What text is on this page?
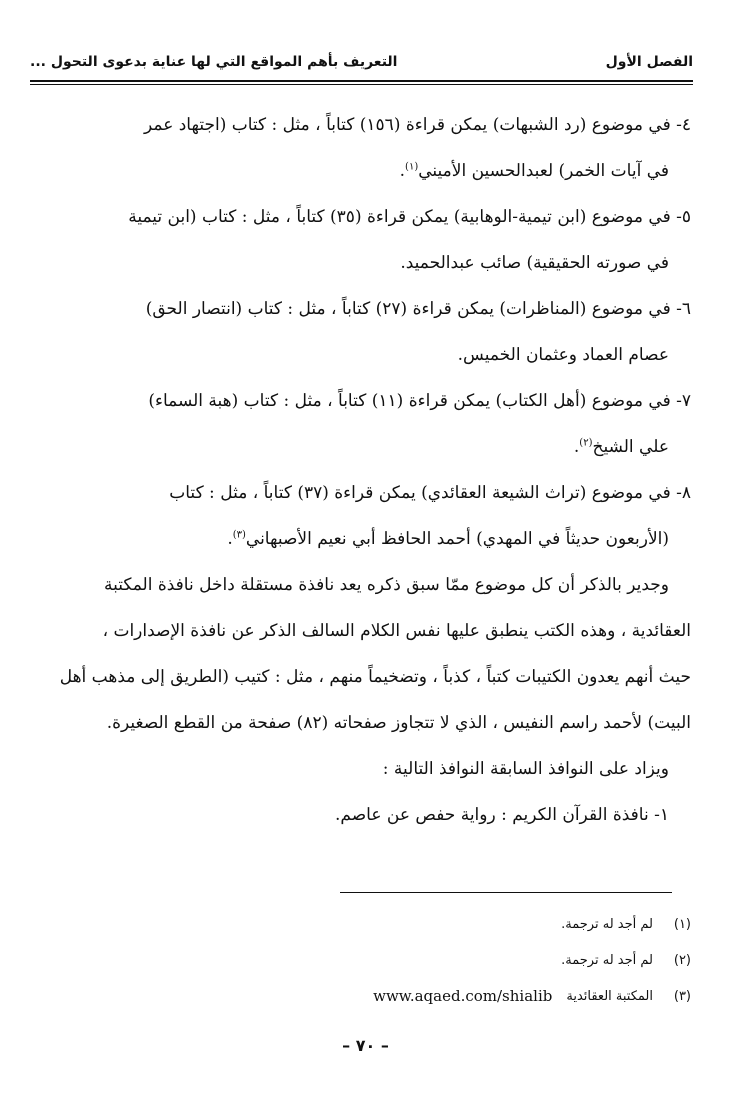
التعريف بأهم المواقع التي لها عناية بدعوى التحول ...	الفصل الأول

٤- في موضوع (رد الشبهات) يمكن قراءة (١٥٦) كتاباً ، مثل : كتاب (اجتهاد عمر

في آيات الخمر) لعبدالحسين الأميني$^{(١)}$.

٥- في موضوع (ابن تيمية-الوهابية) يمكن قراءة (٣٥) كتاباً ، مثل : كتاب (ابن تيمية

في صورته الحقيقية) صائب عبدالحميد.

٦- في موضوع (المناظرات) يمكن قراءة (٢٧) كتاباً ، مثل : كتاب (انتصار الحق)

عصام العماد وعثمان الخميس.

٧- في موضوع (أهل الكتاب) يمكن قراءة (١١) كتاباً ، مثل : كتاب (هبة السماء)

علي الشيخ$^{(٢)}$.

٨- في موضوع (تراث الشيعة العقائدي) يمكن قراءة (٣٧) كتاباً ، مثل : كتاب

(الأربعون حديثاً في المهدي) أحمد الحافظ أبي نعيم الأصبهاني$^{(٣)}$.

وجدير بالذكر أن كل موضوع ممّا سبق ذكره يعد نافذة مستقلة داخل نافذة المكتبة

العقائدية ، وهذه الكتب ينطبق عليها نفس الكلام السالف الذكر عن نافذة الإصدارات ،

حيث أنهم يعدون الكتيبات كتباً ، كذباً ، وتضخيماً منهم ، مثل : كتيب (الطريق إلى مذهب أهل

البيت) لأحمد راسم النفيس ، الذي لا تتجاوز صفحاته (٨٢) صفحة من القطع الصغيرة.

ويزاد على النوافذ السابقة النوافذ التالية :

١- نافذة القرآن الكريم : رواية حفص عن عاصم.

(١)
لم أجد له ترجمة.
(٢)
لم أجد له ترجمة.
(٣)
المكتبة العقائدية
www.aqaed.com/shialib
– ٧٠ –
